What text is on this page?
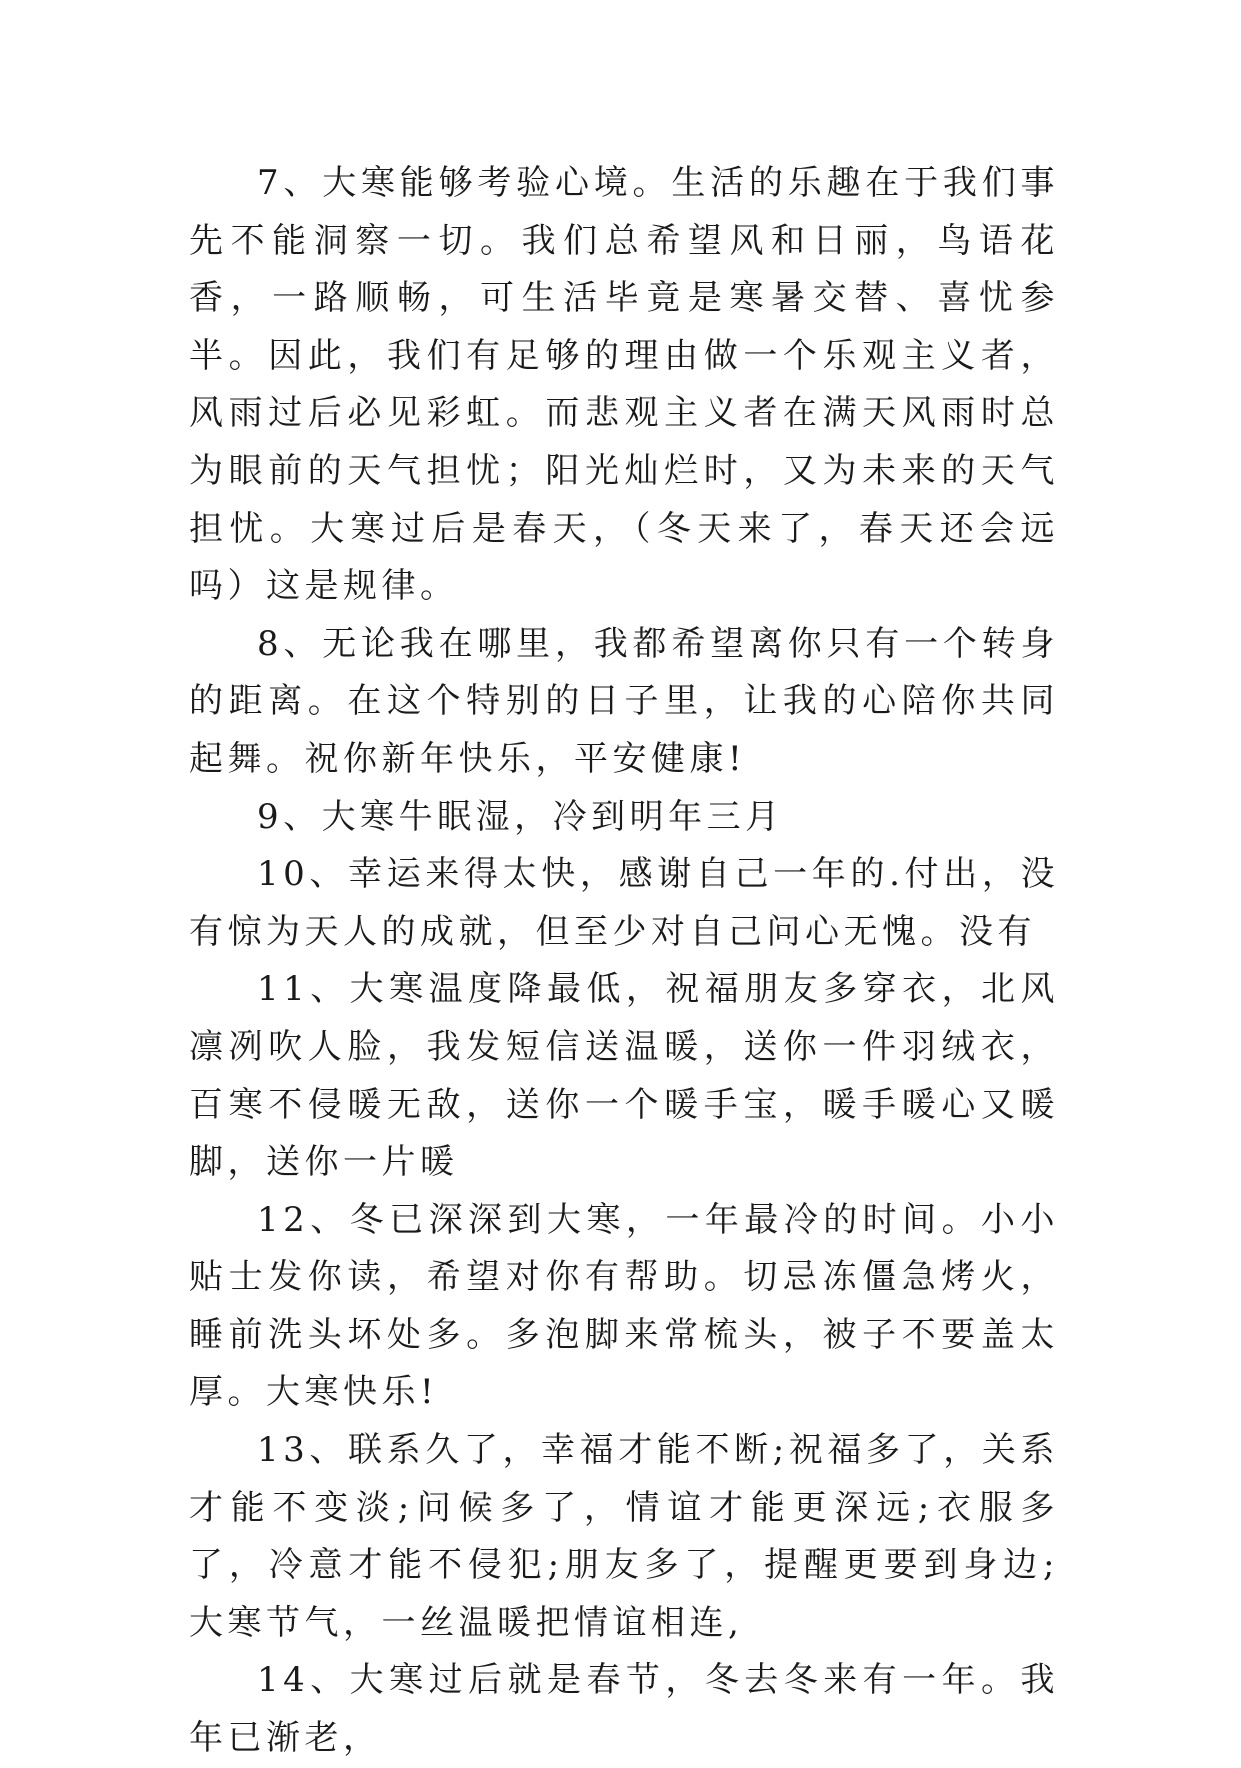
7、大寒能够考验心境。生活的乐趣在于我们事先不能洞察一切。我们总希望风和日丽，鸟语花香，一路顺畅，可生活毕竟是寒暑交替、喜忧参半。因此，我们有足够的理由做一个乐观主义者，风雨过后必见彩虹。而悲观主义者在满天风雨时总为眼前的天气担忧；阳光灿烂时，又为未来的天气担忧。大寒过后是春天，（冬天来了，春天还会远吗）这是规律。

8、无论我在哪里，我都希望离你只有一个转身的距离。在这个特别的日子里，让我的心陪你共同起舞。祝你新年快乐，平安健康!

9、大寒牛眠湿，冷到明年三月

10、幸运来得太快，感谢自己一年的.付出，没有惊为天人的成就，但至少对自己问心无愧。没有

11、大寒温度降最低，祝福朋友多穿衣，北风凛冽吹人脸，我发短信送温暖，送你一件羽绒衣，百寒不侵暖无敌，送你一个暖手宝，暖手暖心又暖脚，送你一片暖

12、冬已深深到大寒，一年最冷的时间。小小贴士发你读，希望对你有帮助。切忌冻僵急烤火，睡前洗头坏处多。多泡脚来常梳头，被子不要盖太厚。大寒快乐!

13、联系久了，幸福才能不断;祝福多了，关系才能不变淡;问候多了，情谊才能更深远;衣服多了，冷意才能不侵犯;朋友多了，提醒更要到身边;大寒节气，一丝温暖把情谊相连,

14、大寒过后就是春节，冬去冬来有一年。我年已渐老，
